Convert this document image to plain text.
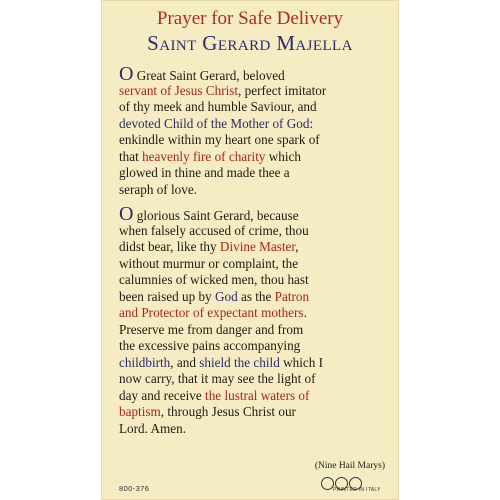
Prayer for Safe Delivery
Saint Gerard Majella
O Great Saint Gerard, beloved
servant of Jesus Christ, perfect imitator
of thy meek and humble Saviour, and
devoted Child of the Mother of God:
enkindle within my heart one spark of
that heavenly fire of charity which
glowed in thine and made thee a
seraph of love.
O glorious Saint Gerard, because
when falsely accused of crime, thou
didst bear, like thy Divine Master,
without murmur or complaint, the
calumnies of wicked men, thou hast
been raised up by God as the Patron
and Protector of expectant mothers.
Preserve me from danger and from
the excessive pains accompanying
childbirth, and shield the child which I
now carry, that it may see the light of
day and receive the lustral waters of
baptism, through Jesus Christ our
Lord. Amen.
(Nine Hail Marys)
800-376	PRINTED IN ITALY
